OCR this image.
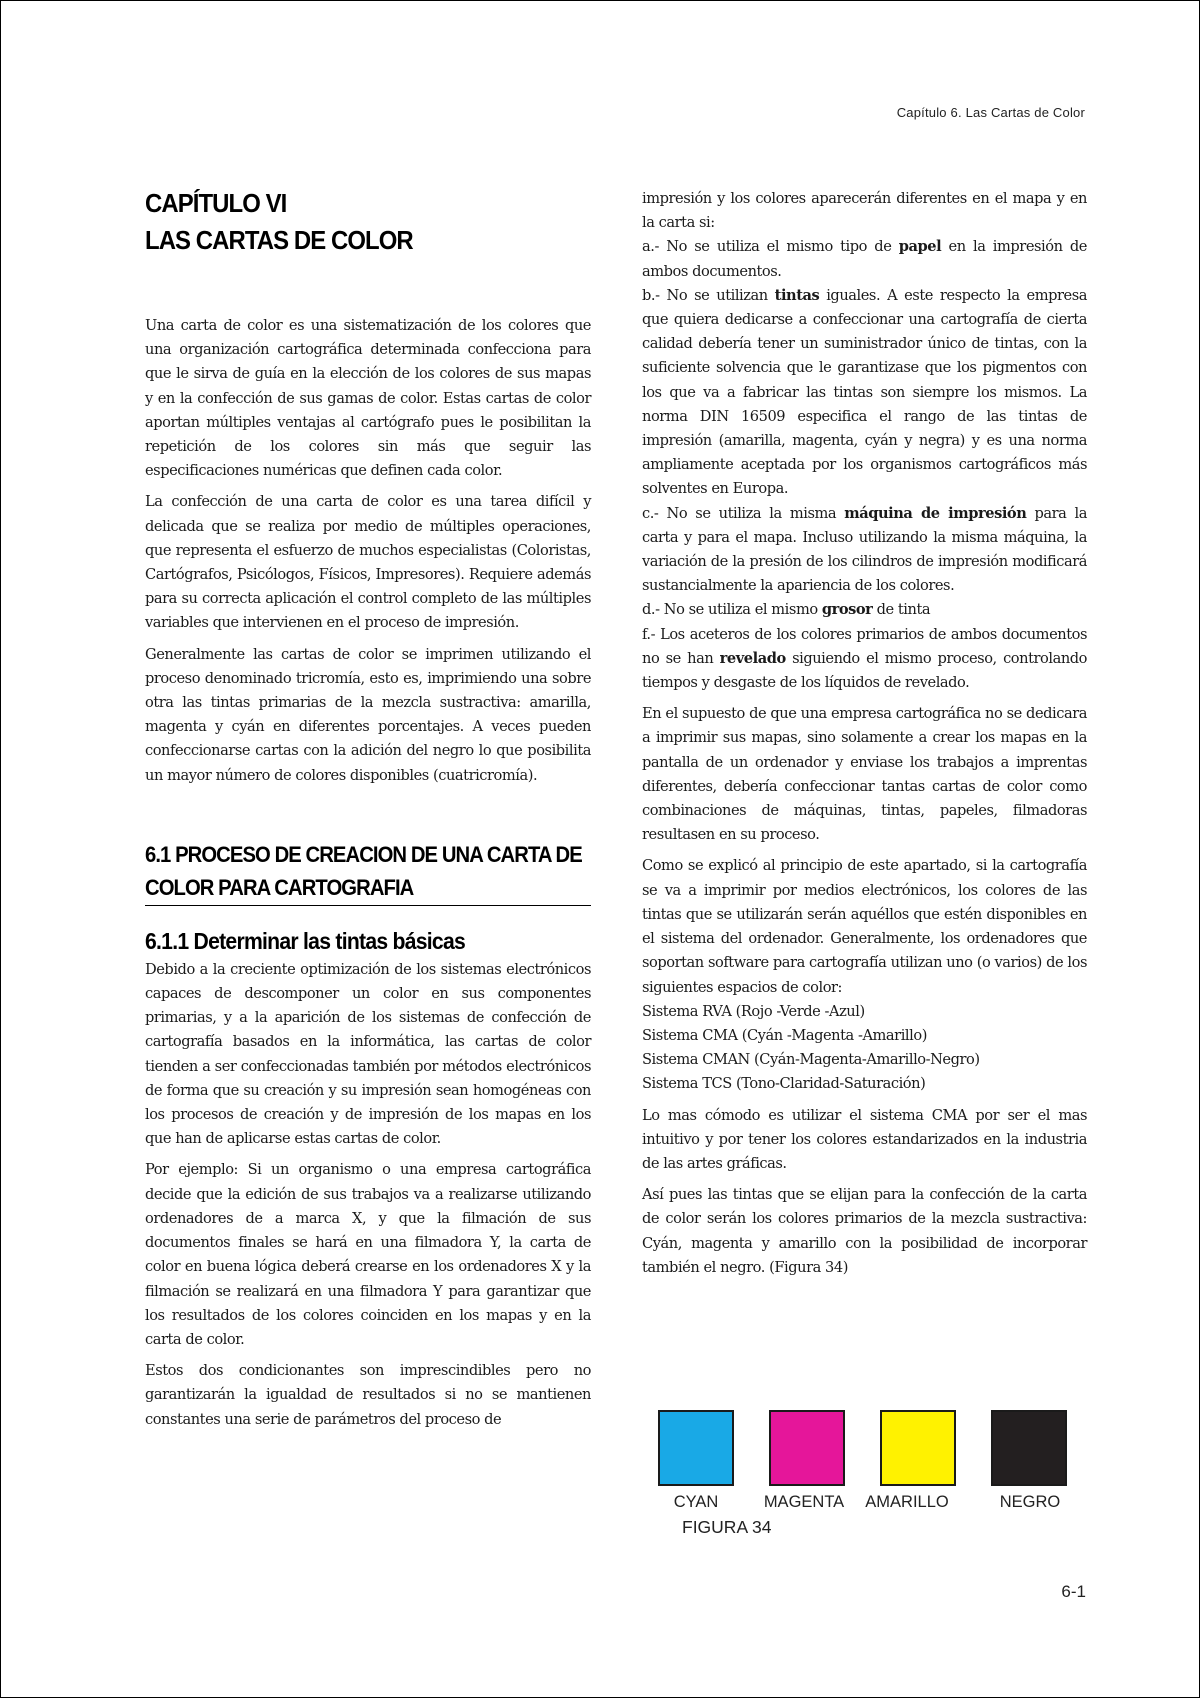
Capítulo 6. Las Cartas de Color
CAPÍTULO VI
LAS CARTAS DE COLOR

Una carta de color es una sistematización de los colores que una organización cartográfica determinada confecciona para que le sirva de guía en la elección de los colores de sus mapas y en la confección de sus gamas de color. Estas cartas de color aportan múltiples ventajas al cartógrafo pues le posibilitan la repetición de los colores sin más que seguir las especificaciones numéricas que definen cada color.

La confección de una carta de color es una tarea difícil y delicada que se realiza por medio de múltiples operaciones, que representa el esfuerzo de muchos especialistas (Coloristas, Cartógrafos, Psicólogos, Físicos, Impresores). Requiere además para su correcta aplicación el control completo de las múltiples variables que intervienen en el proceso de impresión.

Generalmente las cartas de color se imprimen utilizando el proceso denominado tricromía, esto es, imprimiendo una sobre otra las tintas primarias de la mezcla sustractiva: amarilla, magenta y cyán en diferentes porcentajes. A veces pueden confeccionarse cartas con la adición del negro lo que posibilita un mayor número de colores disponibles (cuatricromía).

6.1 PROCESO DE CREACION DE UNA CARTA DE
COLOR PARA CARTOGRAFIA
6.1.1 Determinar las tintas básicas

Debido a la creciente optimización de los sistemas electrónicos capaces de descomponer un color en sus componentes primarias, y a la aparición de los sistemas de confección de cartografía basados en la informática, las cartas de color tienden a ser confeccionadas también por métodos electrónicos de forma que su creación y su impresión sean homogéneas con los procesos de creación y de impresión de los mapas en los que han de aplicarse estas cartas de color.

Por ejemplo: Si un organismo o una empresa cartográfica decide que la edición de sus trabajos va a realizarse utilizando ordenadores de a marca X, y que la filmación de sus documentos finales se hará en una filmadora Y, la carta de color en buena lógica deberá crearse en los ordenadores X y la filmación se realizará en una filmadora Y para garantizar que los resultados de los colores coinciden en los mapas y en la carta de color.

Estos dos condicionantes son imprescindibles pero no garantizarán la igualdad de resultados si no se mantienen constantes una serie de parámetros del proceso de

impresión y los colores aparecerán diferentes en el mapa y en la carta si:
a.- No se utiliza el mismo tipo de papel en la impresión de ambos documentos.
b.- No se utilizan tintas iguales. A este respecto la empresa que quiera dedicarse a confeccionar una cartografía de cierta calidad debería tener un suministrador único de tintas, con la suficiente solvencia que le garantizase que los pigmentos con los que va a fabricar las tintas son siempre los mismos. La norma DIN 16509 especifica el rango de las tintas de impresión (amarilla, magenta, cyán y negra) y es una norma ampliamente aceptada por los organismos cartográficos más solventes en Europa.
c.- No se utiliza la misma máquina de impresión para la carta y para el mapa. Incluso utilizando la misma máquina, la variación de la presión de los cilindros de impresión modificará sustancialmente la apariencia de los colores.
d.- No se utiliza el mismo grosor de tinta
f.- Los aceteros de los colores primarios de ambos documentos no se han revelado siguiendo el mismo proceso, controlando tiempos y desgaste de los líquidos de revelado.

En el supuesto de que una empresa cartográfica no se dedicara a imprimir sus mapas, sino solamente a crear los mapas en la pantalla de un ordenador y enviase los trabajos a imprentas diferentes, debería confeccionar tantas cartas de color como combinaciones de máquinas, tintas, papeles, filmadoras resultasen en su proceso.

Como se explicó al principio de este apartado, si la cartografía se va a imprimir por medios electrónicos, los colores de las tintas que se utilizarán serán aquéllos que estén disponibles en el sistema del ordenador. Generalmente, los ordenadores que soportan software para cartografía utilizan uno (o varios) de los siguientes espacios de color:
Sistema RVA (Rojo -Verde -Azul)
Sistema CMA (Cyán -Magenta -Amarillo)
Sistema CMAN (Cyán-Magenta-Amarillo-Negro)
Sistema TCS (Tono-Claridad-Saturación)

Lo mas cómodo es utilizar el sistema CMA por ser el mas intuitivo y por tener los colores estandarizados en la industria de las artes gráficas.

Así pues las tintas que se elijan para la confección de la carta de color serán los colores primarios de la mezcla sustractiva: Cyán, magenta y amarillo con la posibilidad de incorporar también el negro. (Figura 34)

CYAN	MAGENTA AMARILLO	NEGRO
FIGURA 34
6-1
